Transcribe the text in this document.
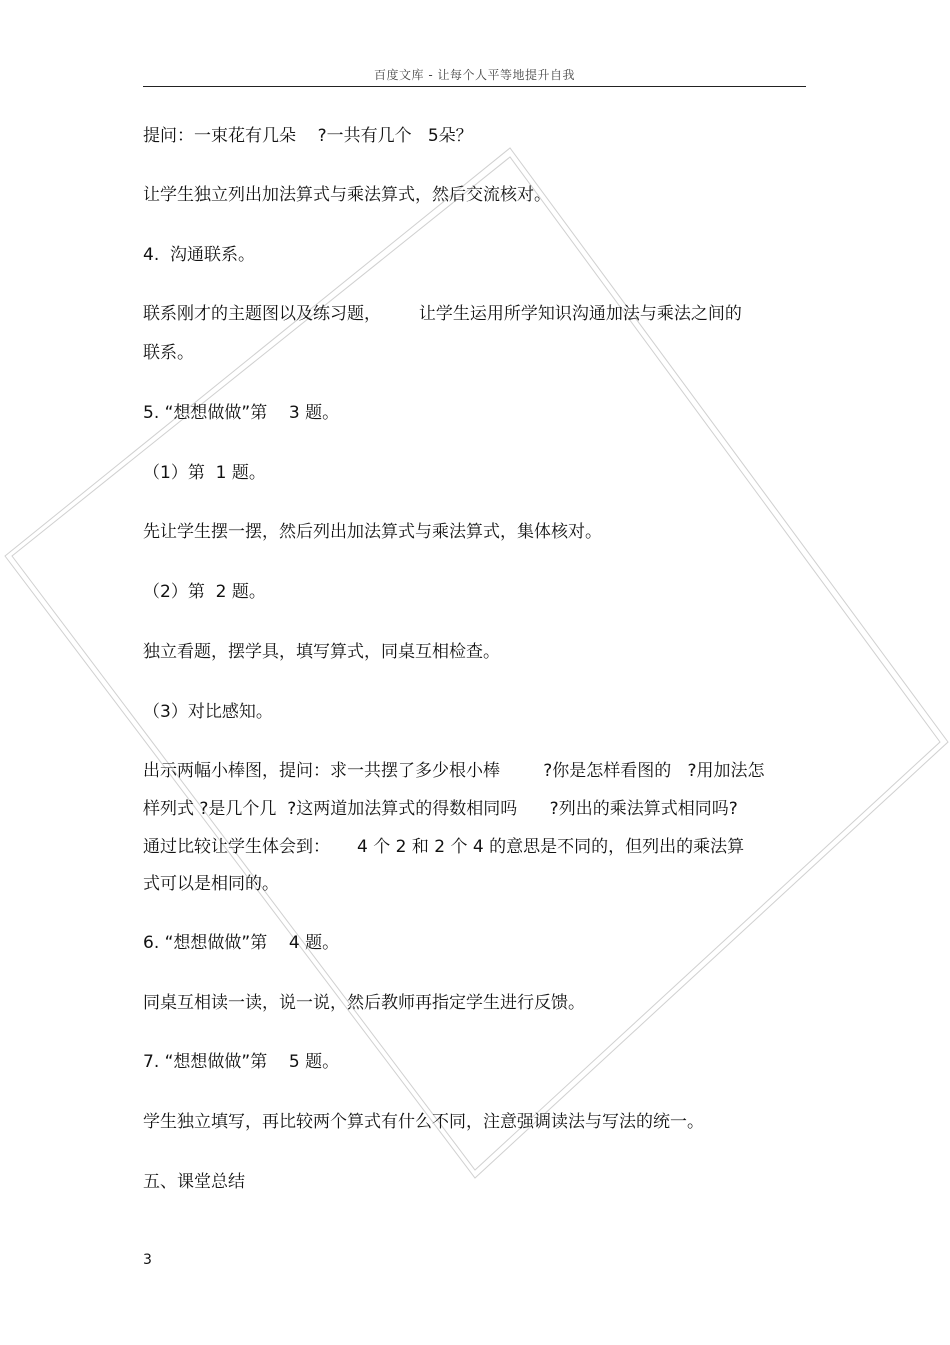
百度文库 - 让每个人平等地提升自我

提问：一束花有几朵    ?一共有几个   5朵？

让学生独立列出加法算式与乘法算式，然后交流核对。

4.  沟通联系。

联系刚才的主题图以及练习题，       让学生运用所学知识沟通加法与乘法之间的

联系。

5. “想想做做”第    3 题。

（1）第  1 题。

先让学生摆一摆，然后列出加法算式与乘法算式，集体核对。

（2）第  2 题。

独立看题，摆学具，填写算式，同桌互相检查。

（3）对比感知。

出示两幅小棒图，提问：求一共摆了多少根小棒        ?你是怎样看图的   ?用加法怎

样列式 ?是几个几  ?这两道加法算式的得数相同吗      ?列出的乘法算式相同吗?

通过比较让学生体会到：     4 个 2 和 2 个 4 的意思是不同的，但列出的乘法算

式可以是相同的。

6. “想想做做”第    4 题。

同桌互相读一读，说一说，然后教师再指定学生进行反馈。

7. “想想做做”第    5 题。

学生独立填写，再比较两个算式有什么不同，注意强调读法与写法的统一。

五、课堂总结

3
